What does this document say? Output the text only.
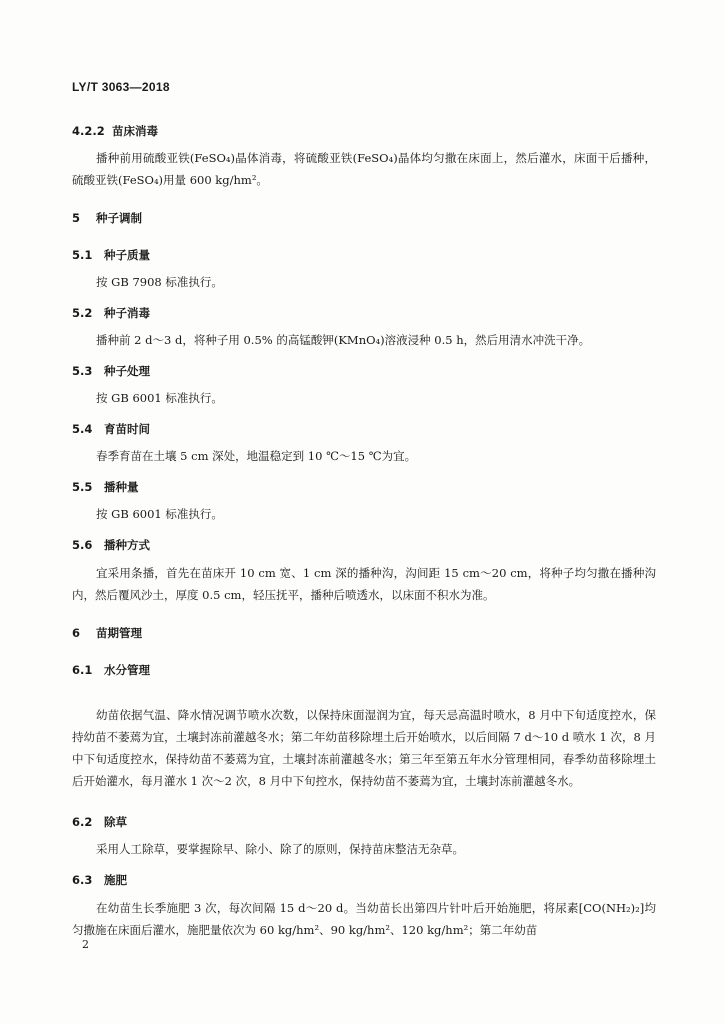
LY/T 3063—2018
4.2.2 苗床消毒
播种前用硫酸亚铁(FeSO₄)晶体消毒，将硫酸亚铁(FeSO₄)晶体均匀撒在床面上，然后灌水，床面干后播种，硫酸亚铁(FeSO₄)用量 600 kg/hm²。
5 种子调制
5.1 种子质量
按 GB 7908 标准执行。
5.2 种子消毒
播种前 2 d～3 d，将种子用 0.5% 的高锰酸钾(KMnO₄)溶液浸种 0.5 h，然后用清水冲洗干净。
5.3 种子处理
按 GB 6001 标准执行。
5.4 育苗时间
春季育苗在土壤 5 cm 深处，地温稳定到 10 ℃～15 ℃为宜。
5.5 播种量
按 GB 6001 标准执行。
5.6 播种方式
宜采用条播，首先在苗床开 10 cm 宽、1 cm 深的播种沟，沟间距 15 cm～20 cm，将种子均匀撒在播种沟内，然后覆风沙土，厚度 0.5 cm，轻压抚平，播种后喷透水，以床面不积水为准。
6 苗期管理
6.1 水分管理
幼苗依据气温、降水情况调节喷水次数，以保持床面湿润为宜，每天忌高温时喷水，8 月中下旬适度控水，保持幼苗不萎蔫为宜，土壤封冻前灌越冬水；第二年幼苗移除埋土后开始喷水，以后间隔 7 d～10 d 喷水 1 次，8 月中下旬适度控水，保持幼苗不萎蔫为宜，土壤封冻前灌越冬水；第三年至第五年水分管理相同，春季幼苗移除埋土后开始灌水，每月灌水 1 次～2 次，8 月中下旬控水，保持幼苗不萎蔫为宜，土壤封冻前灌越冬水。
6.2 除草
采用人工除草，要掌握除早、除小、除了的原则，保持苗床整洁无杂草。
6.3 施肥
在幼苗生长季施肥 3 次，每次间隔 15 d～20 d。当幼苗长出第四片针叶后开始施肥，将尿素[CO(NH₂)₂]均匀撒施在床面后灌水，施肥量依次为 60 kg/hm²、90 kg/hm²、120 kg/hm²；第二年幼苗
2
